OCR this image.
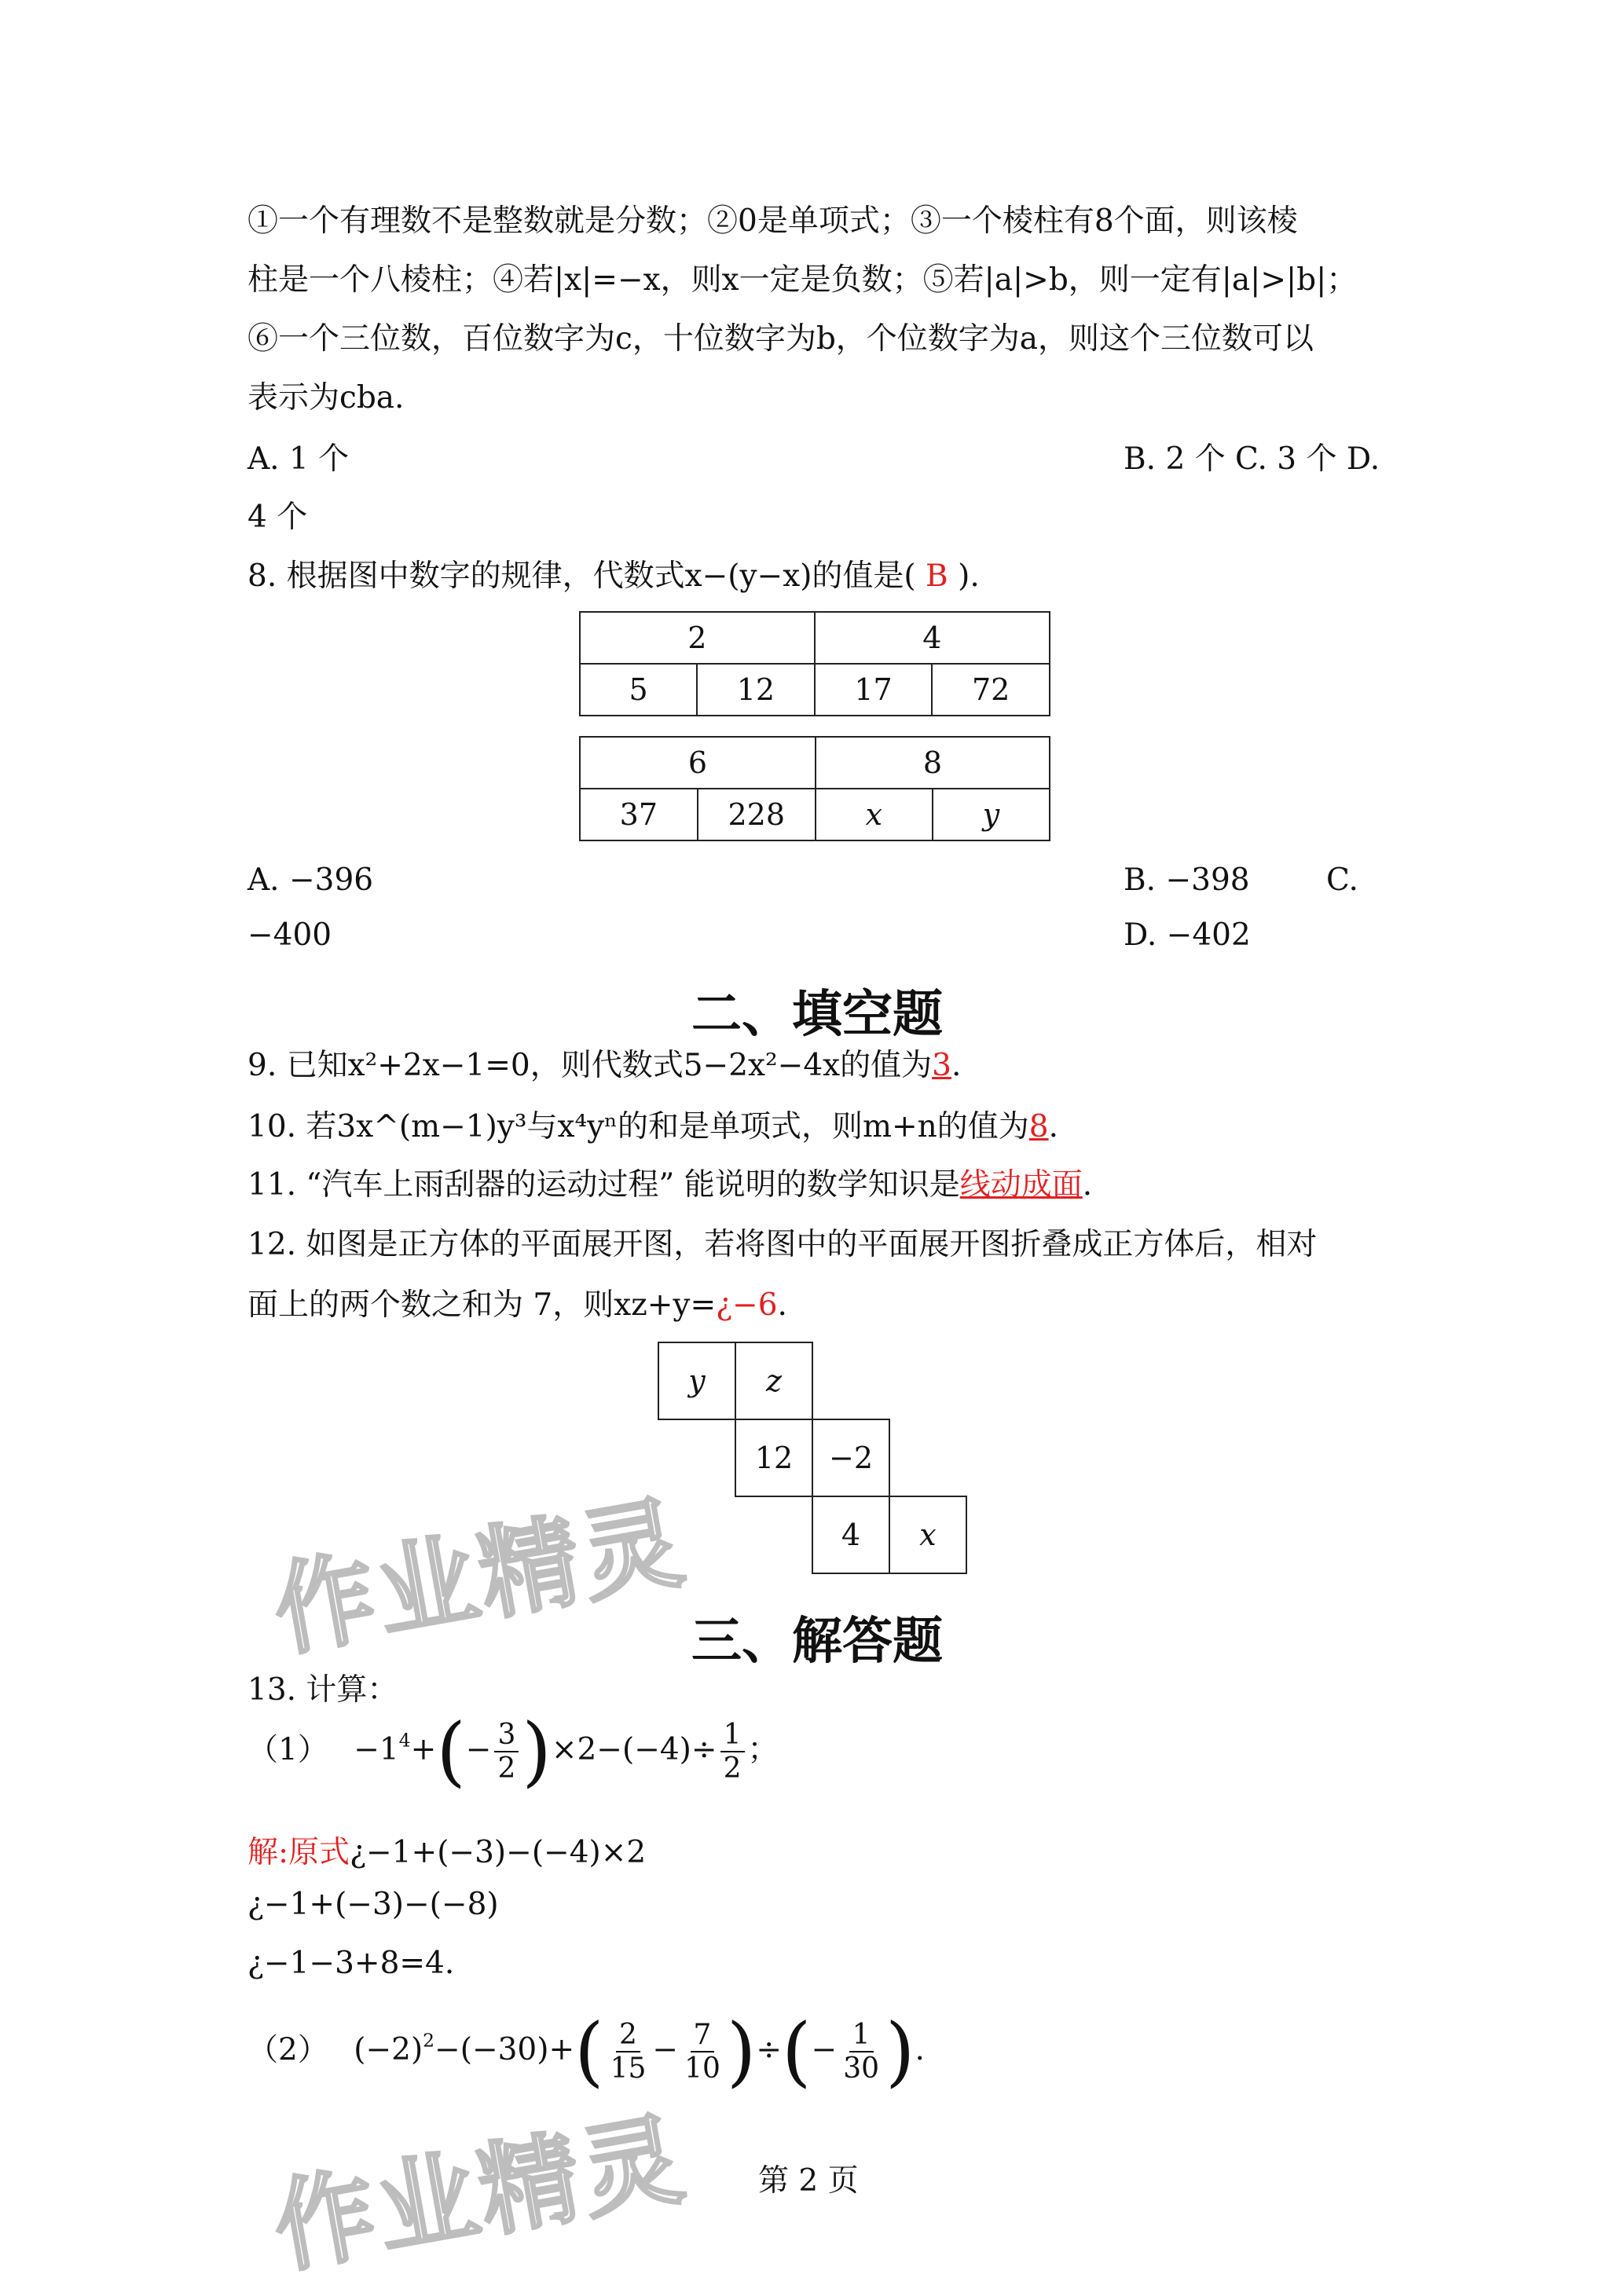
①一个有理数不是整数就是分数；②0是单项式；③一个棱柱有8个面，则该棱
柱是一个八棱柱；④若|x|=−x，则x一定是负数；⑤若|a|>b，则一定有|a|>|b|；
⑥一个三位数，百位数字为c，十位数字为b，个位数字为a，则这个三位数可以
表示为cba.
A. 1 个	B. 2 个 C. 3 个 D.
4 个
8. 根据图中数字的规律，代数式x−(y−x)的值是( B ).
2		4	
5	12	17	72
6		8	
37	228	x	y
A. −396	B. −398 C.
−400	D. −402
二、填空题
9. 已知x²+2x−1=0，则代数式5−2x²−4x的值为3.
10. 若3x^(m−1)y³与x⁴yⁿ的和是单项式，则m+n的值为8.
11. “汽车上雨刮器的运动过程” 能说明的数学知识是线动成面.
12. 如图是正方体的平面展开图，若将图中的平面展开图折叠成正方体后，相对
面上的两个数之和为 7，则xz+y=¿−6.
y	z
12	−2
4	x
作业精灵
三、解答题
13. 计算：
$(1) -1^4+(- \frac{3}{2} )\times 2-(-4)\div \frac{1}{2}$ ；
解:原式¿−1+(−3)−(−4)×2
¿−1+(−3)−(−8)
¿−1−3+8=4.
（2） $(-2)^2-(-30)+( \frac{2}{15} - \frac{7}{10}$ )÷(− $\frac{1}{30}$ ).
作业精灵 第 2 页
